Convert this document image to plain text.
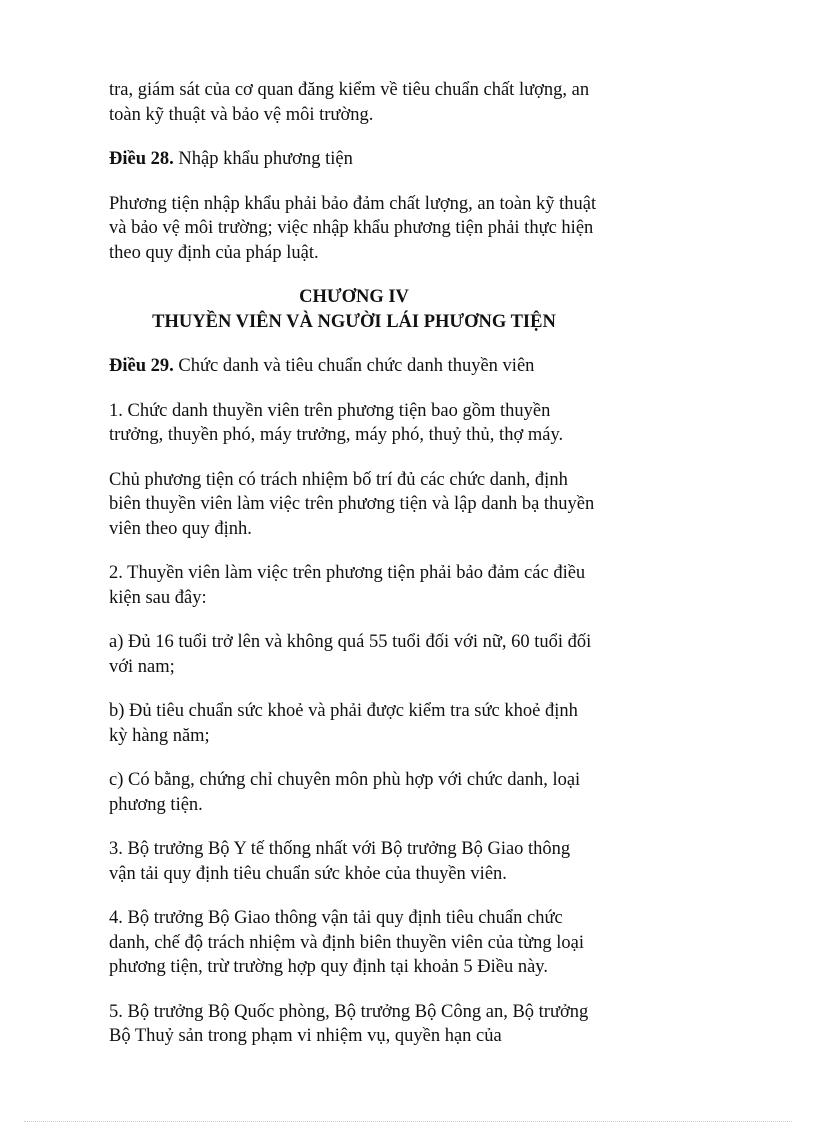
tra, giám sát của cơ quan đăng kiểm về tiêu chuẩn chất lượng, an toàn kỹ thuật và bảo vệ môi trường.

Điều 28. Nhập khẩu phương tiện

Phương tiện nhập khẩu phải bảo đảm chất lượng, an toàn kỹ thuật và bảo vệ môi trường; việc nhập khẩu phương tiện phải thực hiện theo quy định của pháp luật.

CHƯƠNG IV
THUYỀN VIÊN VÀ NGƯỜI LÁI PHƯƠNG TIỆN

Điều 29. Chức danh và tiêu chuẩn chức danh thuyền viên

1. Chức danh thuyền viên trên phương tiện bao gồm thuyền trưởng, thuyền phó, máy trưởng, máy phó, thuỷ thủ, thợ máy.

Chủ phương tiện có trách nhiệm bố trí đủ các chức danh, định biên thuyền viên làm việc trên phương tiện và lập danh bạ thuyền viên theo quy định.

2. Thuyền viên làm việc trên phương tiện phải bảo đảm các điều kiện sau đây:

a) Đủ 16 tuổi trở lên và không quá 55 tuổi đối với nữ, 60 tuổi đối với nam;

b) Đủ tiêu chuẩn sức khoẻ và phải được kiểm tra sức khoẻ định kỳ hàng năm;

c) Có bằng, chứng chỉ chuyên môn phù hợp với chức danh, loại phương tiện.

3. Bộ trưởng Bộ Y tế thống nhất với Bộ trưởng Bộ Giao thông vận tải quy định tiêu chuẩn sức khỏe của thuyền viên.

4. Bộ trưởng Bộ Giao thông vận tải quy định tiêu chuẩn chức danh, chế độ trách nhiệm và định biên thuyền viên của từng loại phương tiện, trừ trường hợp quy định tại khoản 5 Điều này.

5. Bộ trưởng Bộ Quốc phòng, Bộ trưởng Bộ Công an, Bộ trưởng Bộ Thuỷ sản trong phạm vi nhiệm vụ, quyền hạn của
